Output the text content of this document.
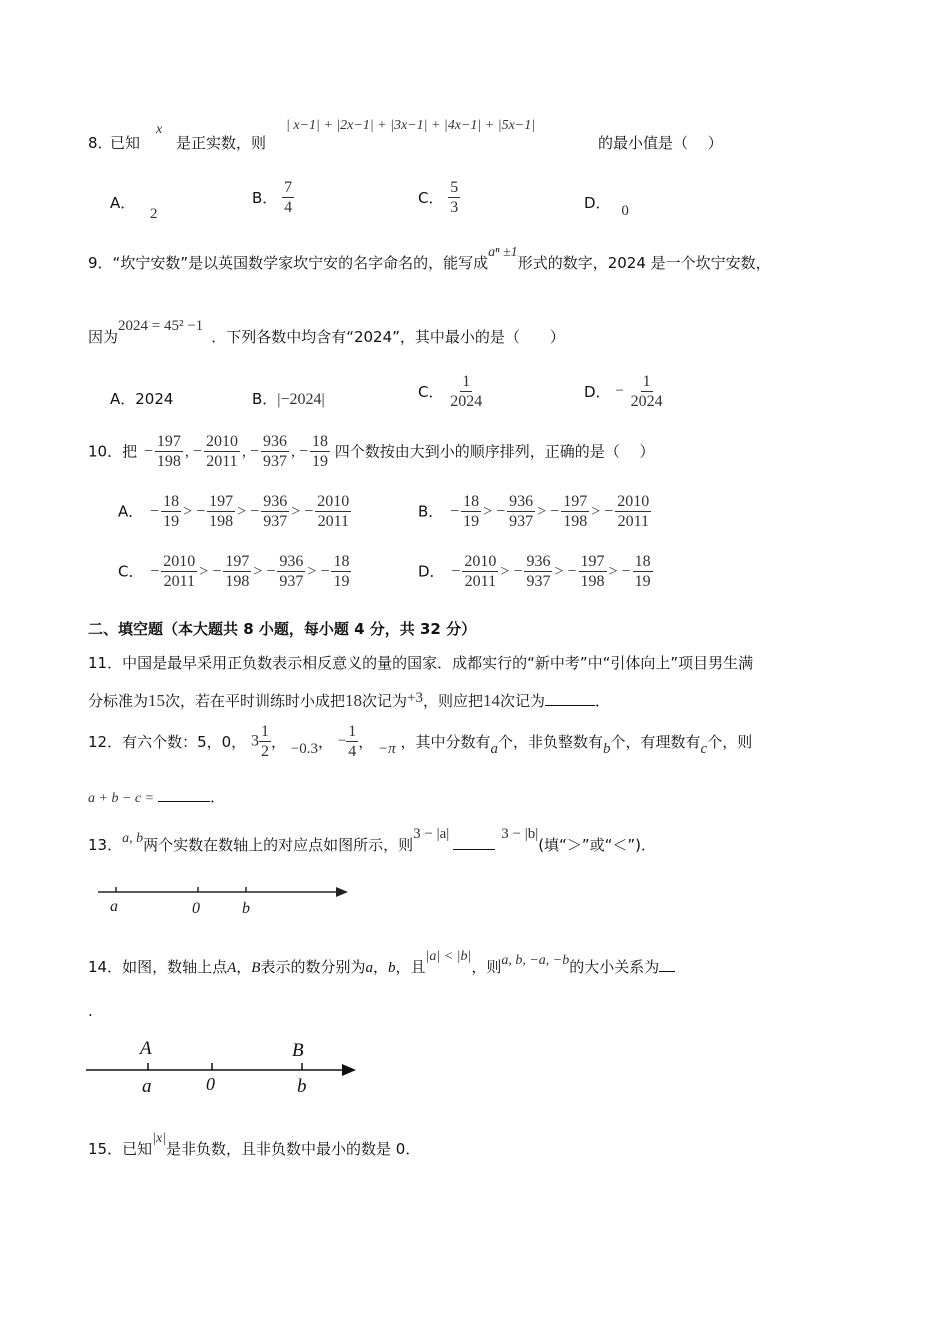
8．
已知
x
是正实数，则
| x−1| + |2x−1| + |3x−1| + |4x−1| + |5x−1|
的最小值是（　 ）
A． 2
B． $\frac{7}{4}$	C． $\frac{5}{3}$	D． 0
9．“坎宁安数”是以英国数学家坎宁安的名字命名的，能写成aⁿ ±1形式的数字，2024 是一个坎宁安数，
因为2024 = 45² −1．下列各数中均含有“2024”，其中最小的是（　　）
A．2024	B．|−2024|	C． $\frac{1}{2024}$	D． − $\frac{1}{2024}$
10．把 − $\frac{197}{198}$ , − $\frac{2010}{2011}$ , − $\frac{936}{937}$ , − $\frac{18}{19}$ 四个数按由大到小的顺序排列，正确的是（　 ）
A． − $\frac{18}{19}$ > − $\frac{197}{198}$ > − $\frac{936}{937}$ > − $\frac{2010}{2011}$	B． − $\frac{18}{19}$ > − $\frac{936}{937}$ > − $\frac{197}{198}$ > − $\frac{2010}{2011}$
C． − $\frac{2010}{2011}$ > − $\frac{197}{198}$ > − $\frac{936}{937}$ > − $\frac{18}{19}$	D． − $\frac{2010}{2011}$ > − $\frac{936}{937}$ > − $\frac{197}{198}$ > − $\frac{18}{19}$
二、填空题（本大题共 8 小题，每小题 4 分，共 32 分）
11．中国是最早采用正负数表示相反意义的量的国家．成都实行的“新中考”中“引体向上”项目男生满
分标准为15次，若在平时训练时小成把18次记为+3，则应把14次记为	．
12．有六个数：5，0， $3 \frac{1}{2}$ ， −0.3， − $\frac{1}{4}$ ， −π ，其中分数有a个，非负整数有b个，有理数有c个，则
a + b − c =	．
13．a, b两个实数在数轴上的对应点如图所示，则3 − |a|	3 − |b|(填“＞”或“＜”)．
a	0	b
14．如图，数轴上点A，B表示的数分别为a，b，且|a| < |b|，则a, b, −a, −b的大小关系为
.
A	B
a	0	b
15．已知|x|是非负数，且非负数中最小的数是 0．
